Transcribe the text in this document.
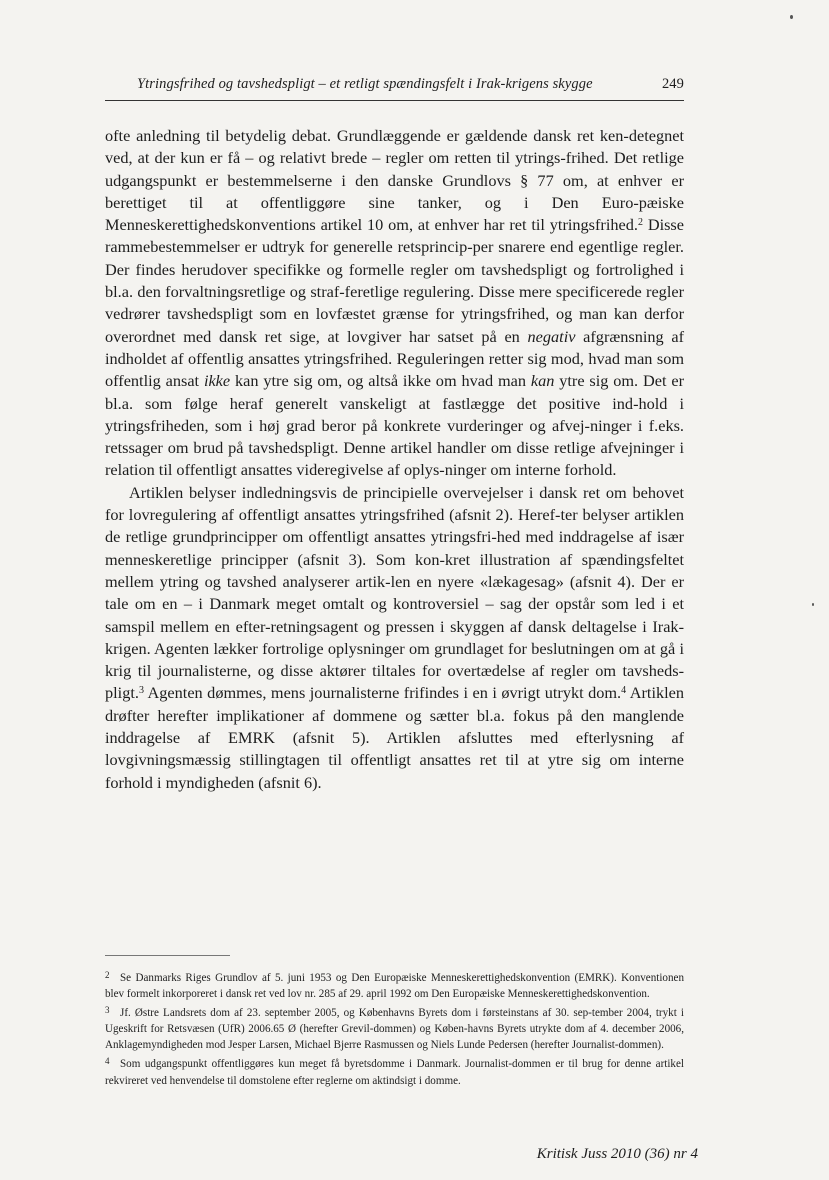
Ytringsfrihed og tavshedspligt – et retligt spændingsfelt i Irak-krigens skygge	249

ofte anledning til betydelig debat. Grundlæggende er gældende dansk ret ken-detegnet ved, at der kun er få – og relativt brede – regler om retten til ytrings-frihed. Det retlige udgangspunkt er bestemmelserne i den danske Grundlovs § 77 om, at enhver er berettiget til at offentliggøre sine tanker, og i Den Euro-pæiske Menneskerettighedskonventions artikel 10 om, at enhver har ret til ytringsfrihed.$^2$ Disse rammebestemmelser er udtryk for generelle retsprincip-per snarere end egentlige regler. Der findes herudover specifikke og formelle regler om tavshedspligt og fortrolighed i bl.a. den forvaltningsretlige og straf-feretlige regulering. Disse mere specificerede regler vedrører tavshedspligt som en lovfæstet grænse for ytringsfrihed, og man kan derfor overordnet med dansk ret sige, at lovgiver har satset på en negativ afgrænsning af indholdet af offentlig ansattes ytringsfrihed. Reguleringen retter sig mod, hvad man som offentlig ansat ikke kan ytre sig om, og altså ikke om hvad man kan ytre sig om. Det er bl.a. som følge heraf generelt vanskeligt at fastlægge det positive ind-hold i ytringsfriheden, som i høj grad beror på konkrete vurderinger og afvej-ninger i f.eks. retssager om brud på tavshedspligt. Denne artikel handler om disse retlige afvejninger i relation til offentligt ansattes videregivelse af oplys-ninger om interne forhold.

Artiklen belyser indledningsvis de principielle overvejelser i dansk ret om behovet for lovregulering af offentligt ansattes ytringsfrihed (afsnit 2). Heref-ter belyser artiklen de retlige grundprincipper om offentligt ansattes ytringsfri-hed med inddragelse af især menneskeretlige principper (afsnit 3). Som kon-kret illustration af spændingsfeltet mellem ytring og tavshed analyserer artik-len en nyere «lækagesag» (afsnit 4). Der er tale om en – i Danmark meget omtalt og kontroversiel – sag der opstår som led i et samspil mellem en efter-retningsagent og pressen i skyggen af dansk deltagelse i Irak-krigen. Agenten lækker fortrolige oplysninger om grundlaget for beslutningen om at gå i krig til journalisterne, og disse aktører tiltales for overtædelse af regler om tavsheds-pligt.$^3$ Agenten dømmes, mens journalisterne frifindes i en i øvrigt utrykt dom.$^4$ Artiklen drøfter herefter implikationer af dommene og sætter bl.a. fokus på den manglende inddragelse af EMRK (afsnit 5). Artiklen afsluttes med efterlysning af lovgivningsmæssig stillingtagen til offentligt ansattes ret til at ytre sig om interne forhold i myndigheden (afsnit 6).

2 Se Danmarks Riges Grundlov af 5. juni 1953 og Den Europæiske Menneskerettighedskonvention (EMRK). Konventionen blev formelt inkorporeret i dansk ret ved lov nr. 285 af 29. april 1992 om Den Europæiske Menneskerettighedskonvention.
3 Jf. Østre Landsrets dom af 23. september 2005, og Københavns Byrets dom i førsteinstans af 30. sep-tember 2004, trykt i Ugeskrift for Retsvæsen (UfR) 2006.65 Ø (herefter Grevil-dommen) og Køben-havns Byrets utrykte dom af 4. december 2006, Anklagemyndigheden mod Jesper Larsen, Michael Bjerre Rasmussen og Niels Lunde Pedersen (herefter Journalist-dommen).
4 Som udgangspunkt offentliggøres kun meget få byretsdomme i Danmark. Journalist-dommen er til brug for denne artikel rekvireret ved henvendelse til domstolene efter reglerne om aktindsigt i domme.
Kritisk Juss 2010 (36) nr 4
